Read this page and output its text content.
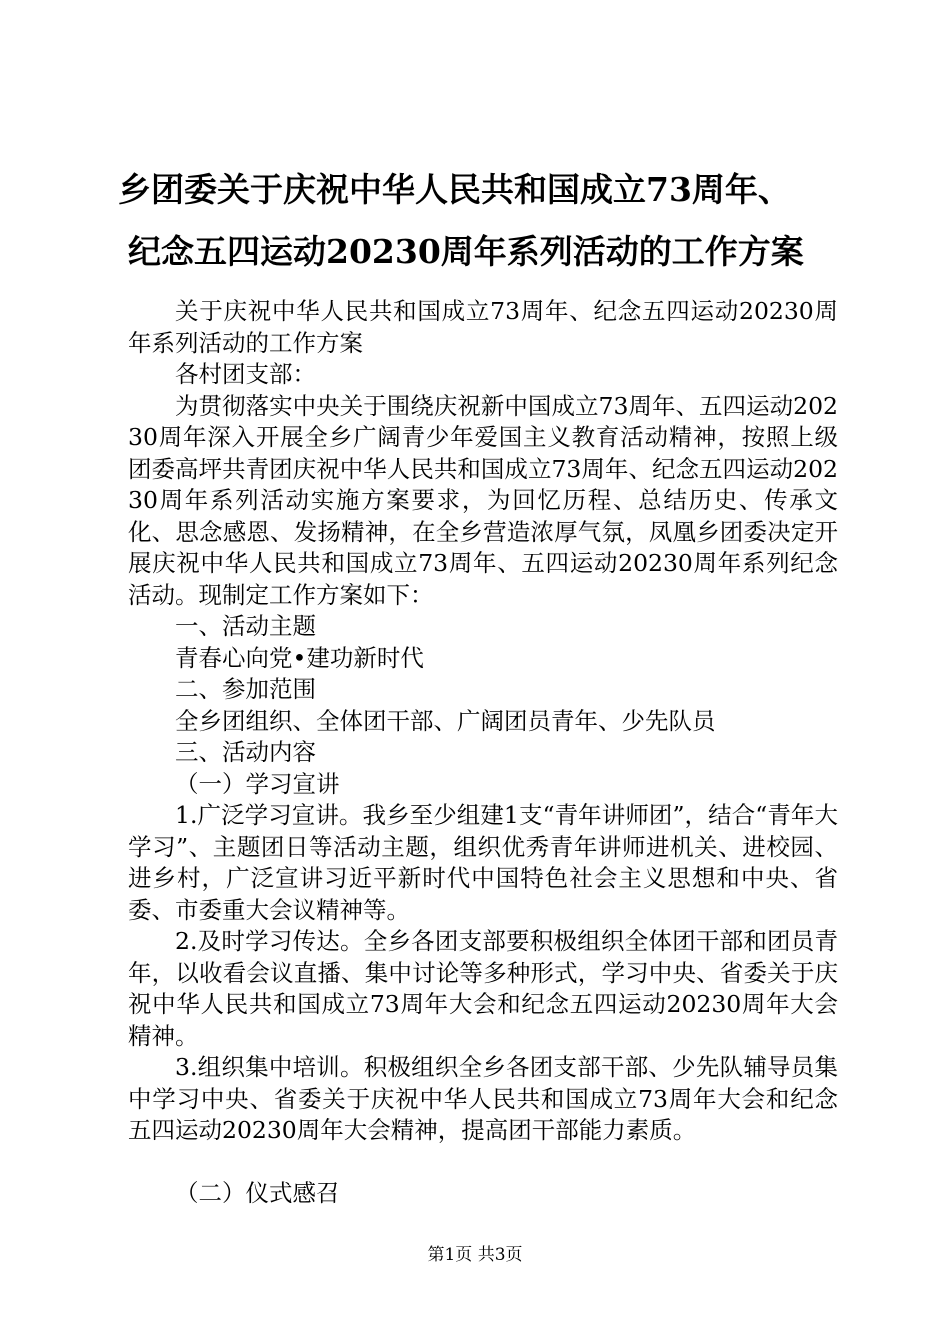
乡团委关于庆祝中华人民共和国成立73周年、
纪念五四运动20230周年系列活动的工作方案

关于庆祝中华人民共和国成立73周年、纪念五四运动20230周年系列活动的工作方案

各村团支部：

为贯彻落实中央关于围绕庆祝新中国成立73周年、五四运动20230周年深入开展全乡广阔青少年爱国主义教育活动精神，按照上级团委高坪共青团庆祝中华人民共和国成立73周年、纪念五四运动20230周年系列活动实施方案要求，为回忆历程、总结历史、传承文化、思念感恩、发扬精神，在全乡营造浓厚气氛，凤凰乡团委决定开展庆祝中华人民共和国成立73周年、五四运动20230周年系列纪念活动。现制定工作方案如下：

一、活动主题

青春心向党•建功新时代

二、参加范围

全乡团组织、全体团干部、广阔团员青年、少先队员

三、活动内容

（一）学习宣讲

1.广泛学习宣讲。我乡至少组建1支“青年讲师团”，结合“青年大学习”、主题团日等活动主题，组织优秀青年讲师进机关、进校园、进乡村，广泛宣讲习近平新时代中国特色社会主义思想和中央、省委、市委重大会议精神等。

2.及时学习传达。全乡各团支部要积极组织全体团干部和团员青年，以收看会议直播、集中讨论等多种形式，学习中央、省委关于庆祝中华人民共和国成立73周年大会和纪念五四运动20230周年大会精神。

3.组织集中培训。积极组织全乡各团支部干部、少先队辅导员集中学习中央、省委关于庆祝中华人民共和国成立73周年大会和纪念五四运动20230周年大会精神，提高团干部能力素质。

（二）仪式感召

第1页 共3页
